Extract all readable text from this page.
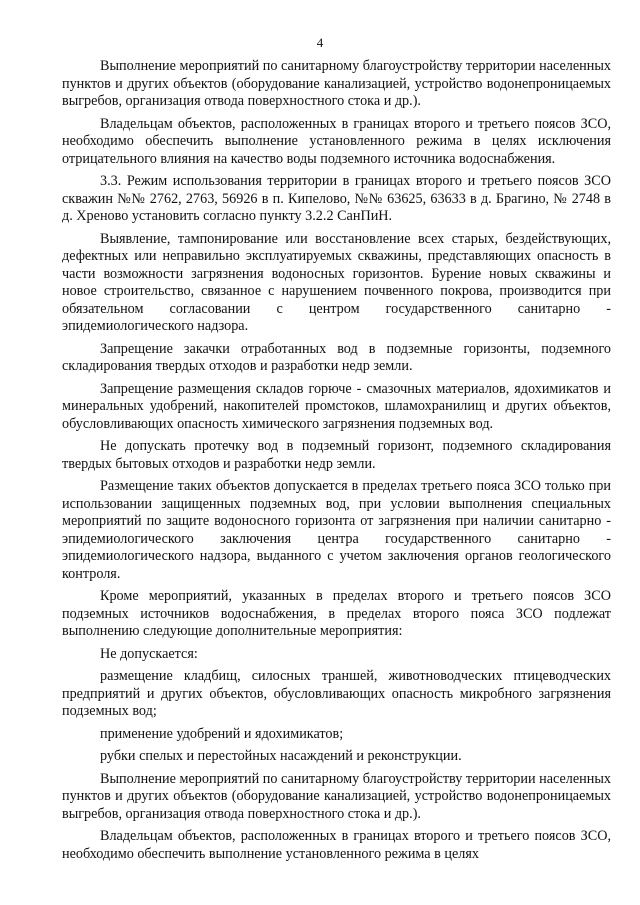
4

Выполнение мероприятий по санитарному благоустройству территории населенных пунктов и других объектов (оборудование канализацией, устройство водонепроницаемых выгребов, организация отвода поверхностного стока и др.).

Владельцам объектов, расположенных в границах второго и третьего поясов ЗСО, необходимо обеспечить выполнение установленного режима в целях исключения отрицательного влияния на качество воды подземного источника водоснабжения.

3.3. Режим использования территории в границах второго и третьего поясов ЗСО скважин №№ 2762, 2763, 56926 в п. Кипелово, №№ 63625, 63633 в д. Брагино, № 2748 в д. Хреново установить согласно пункту 3.2.2 СанПиН.

Выявление, тампонирование или восстановление всех старых, бездействующих, дефектных или неправильно эксплуатируемых скважины, представляющих опасность в части возможности загрязнения водоносных горизонтов. Бурение новых скважины и новое строительство, связанное с нарушением почвенного покрова, производится при обязательном согласовании с центром государственного санитарно - эпидемиологического надзора.

Запрещение закачки отработанных вод в подземные горизонты, подземного складирования твердых отходов и разработки недр земли.

Запрещение размещения складов горюче - смазочных материалов, ядохимикатов и минеральных удобрений, накопителей промстоков, шламохранилищ и других объектов, обусловливающих опасность химического загрязнения подземных вод.

Не допускать протечку вод в подземный горизонт, подземного складирования твердых бытовых отходов и разработки недр земли.

Размещение таких объектов допускается в пределах третьего пояса ЗСО только при использовании защищенных подземных вод, при условии выполнения специальных мероприятий по защите водоносного горизонта от загрязнения при наличии санитарно - эпидемиологического заключения центра государственного санитарно - эпидемиологического надзора, выданного с учетом заключения органов геологического контроля.

Кроме мероприятий, указанных в пределах второго и третьего поясов ЗСО подземных источников водоснабжения, в пределах второго пояса ЗСО подлежат выполнению следующие дополнительные мероприятия:

Не допускается:

размещение кладбищ, силосных траншей, животноводческих птицеводческих предприятий и других объектов, обусловливающих опасность микробного загрязнения подземных вод;

применение удобрений и ядохимикатов;

рубки спелых и перестойных насаждений и реконструкции.

Выполнение мероприятий по санитарному благоустройству территории населенных пунктов и других объектов (оборудование канализацией, устройство водонепроницаемых выгребов, организация отвода поверхностного стока и др.).

Владельцам объектов, расположенных в границах второго и третьего поясов ЗСО, необходимо обеспечить выполнение установленного режима в целях
